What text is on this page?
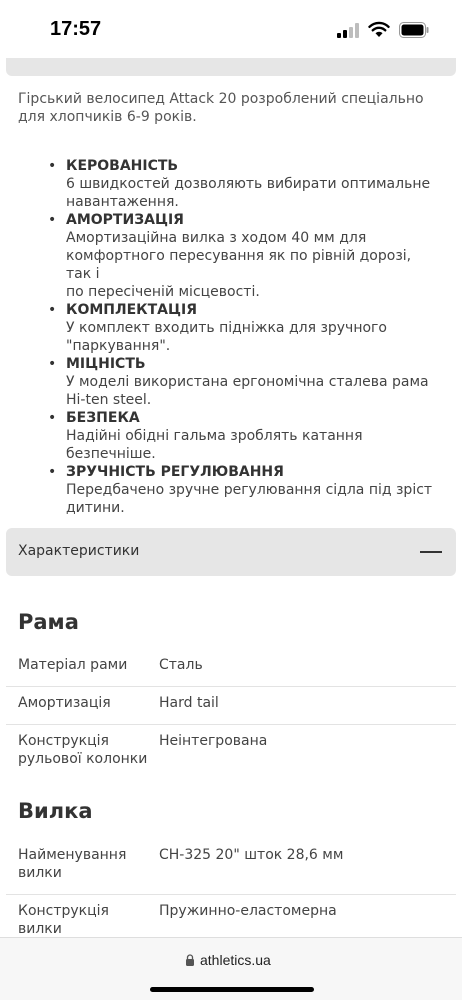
17:57
Гірський велосипед Attack 20 розроблений спеціально для хлопчиків 6-9 років.
• КЕРОВАНІСТЬ
6 швидкостей дозволяють вибирати оптимальне
навантаження.
• АМОРТИЗАЦІЯ
Амортизаційна вилка з ходом 40 мм для
комфортного пересування як по рівній дорозі, так і
по пересіченій місцевості.
• КОМПЛЕКТАЦІЯ
У комплект входить підніжка для зручного
"паркування".
• МІЦНІСТЬ
У моделі використана ергономічна сталева рама
Hi-ten steel.
• БЕЗПЕКА
Надійні обідні гальма зроблять катання
безпечніше.
• ЗРУЧНІСТЬ РЕГУЛЮВАННЯ
Передбачено зручне регулювання сідла під зріст
дитини.
Характеристики
Рама
Матеріал рами	Сталь
Амортизація	Hard tail
Конструкція
рульової колонки
Неінтегрована
Вилка
Найменування
вилки
CH-325 20" шток 28,6 мм
Конструкція
вилки
Пружинно-еластомерна
athletics.ua
